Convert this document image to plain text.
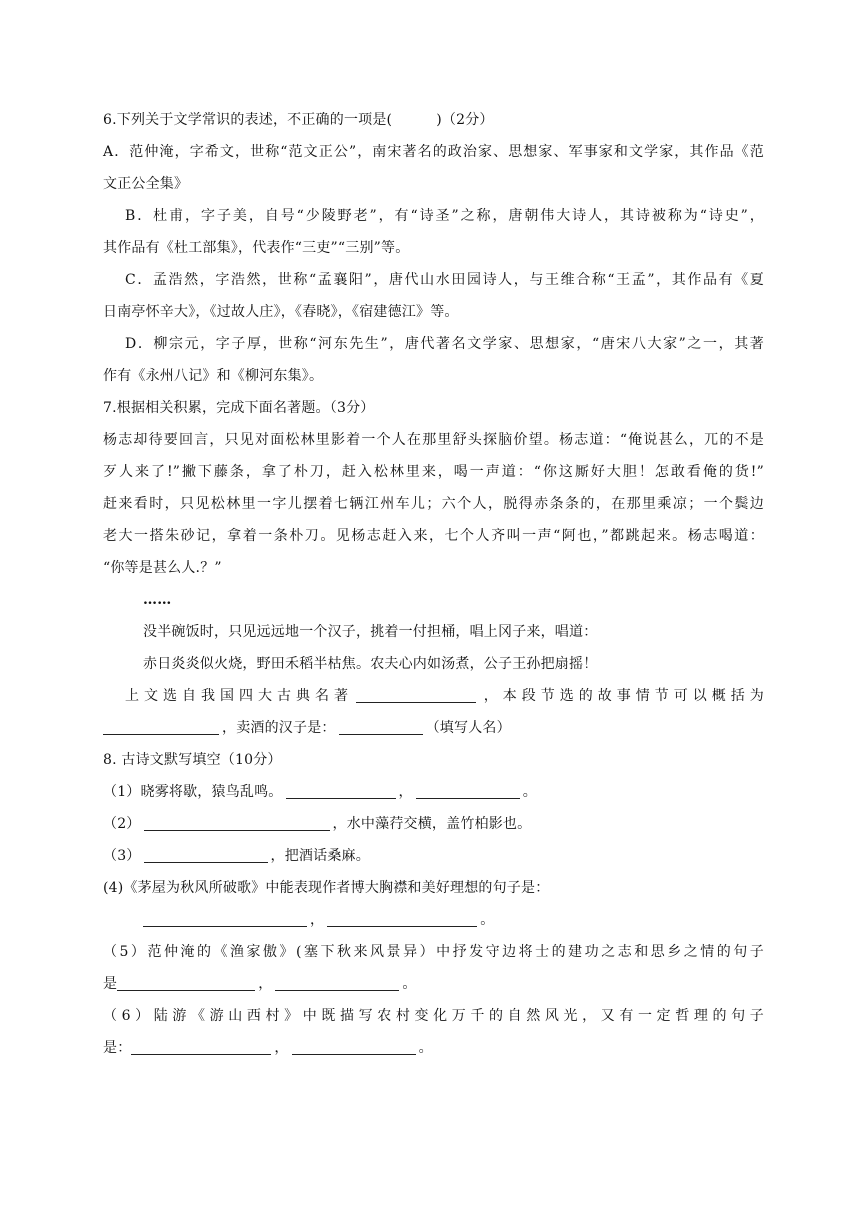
6.下列关于文学常识的表述，不正确的一项是(	)（2分）

A．范仲淹，字希文，世称“范文正公”，南宋著名的政治家、思想家、军事家和文学家，其作品《范

文正公全集》

B．杜甫，字子美，自号“少陵野老”，有“诗圣”之称，唐朝伟大诗人，其诗被称为“诗史”，

其作品有《杜工部集》，代表作“三吏”“三别”等。

C．孟浩然，字浩然，世称“孟襄阳”，唐代山水田园诗人，与王维合称“王孟”，其作品有《夏

日南亭怀辛大》，《过故人庄》，《春晓》，《宿建德江》等。

D．柳宗元，字子厚，世称“河东先生”，唐代著名文学家、思想家，“唐宋八大家”之一，其著

作有《永州八记》和《柳河东集》。

7.根据相关积累，完成下面名著题。（3分）

杨志却待要回言，只见对面松林里影着一个人在那里舒头探脑价望。杨志道：“俺说甚么，兀的不是

歹人来了!”撇下藤条，拿了朴刀，赶入松林里来，喝一声道：“你这厮好大胆！怎敢看俺的货!”

赶来看时，只见松林里一字儿摆着七辆江州车儿；六个人，脱得赤条条的，在那里乘凉；一个鬓边

老大一搭朱砂记，拿着一条朴刀。见杨志赶入来，七个人齐叫一声“阿也，”都跳起来。杨志喝道：

“你等是甚么人.？”

……

没半碗饭时，只见远远地一个汉子，挑着一付担桶，唱上冈子来，唱道：

赤日炎炎似火烧，野田禾稻半枯焦。农夫心内如汤煮，公子王孙把扇摇！

上文选自我国四大古典名著	，本段节选的故事情节可以概括为

，卖酒的汉子是：	（填写人名）

8. 古诗文默写填空（10分）

（1）晓雾将歇，猿鸟乱鸣。	，	。

（2）	，水中藻荇交横，盖竹柏影也。

（3）	，把酒话桑麻。

(4)《茅屋为秋风所破歌》中能表现作者博大胸襟和美好理想的句子是：

，	。

（5）范仲淹的《渔家傲》(塞下秋来风景异）中抒发守边将士的建功之志和思乡之情的句子

是	，	。

（6）陆游《游山西村》中既描写农村变化万千的自然风光，又有一定哲理的句子

是：	，	。
